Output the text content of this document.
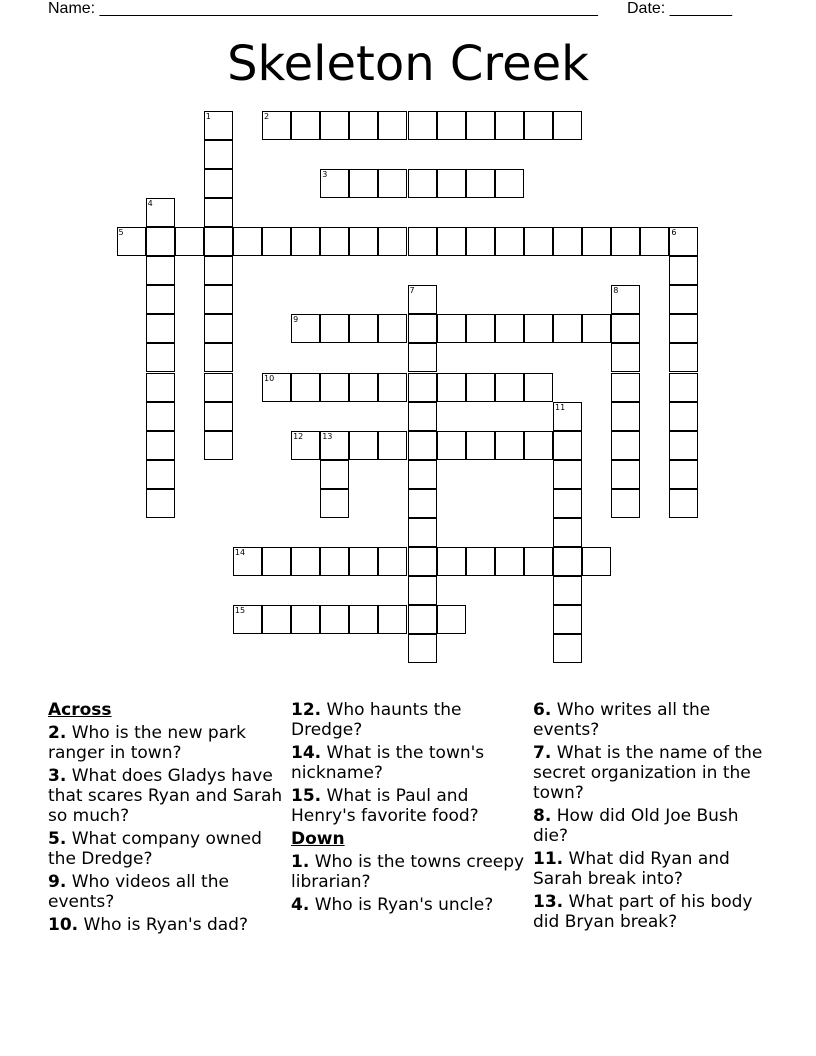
Name: ________________________________________________________ Date: _______
Skeleton Creek
1	2
3
4
5	6
7	8
9
10
11
12 13
14
15
Across
2. Who is the new park ranger in town?
3. What does Gladys have that scares Ryan and Sarah so much?
5. What company owned the Dredge?
9. Who videos all the events?
10. Who is Ryan's dad?
12. Who haunts the Dredge?
14. What is the town's nickname?
15. What is Paul and Henry's favorite food?
Down
1. Who is the towns creepy librarian?
4. Who is Ryan's uncle?
6. Who writes all the events?
7. What is the name of the secret organization in the town?
8. How did Old Joe Bush die?
11. What did Ryan and Sarah break into?
13. What part of his body did Bryan break?
